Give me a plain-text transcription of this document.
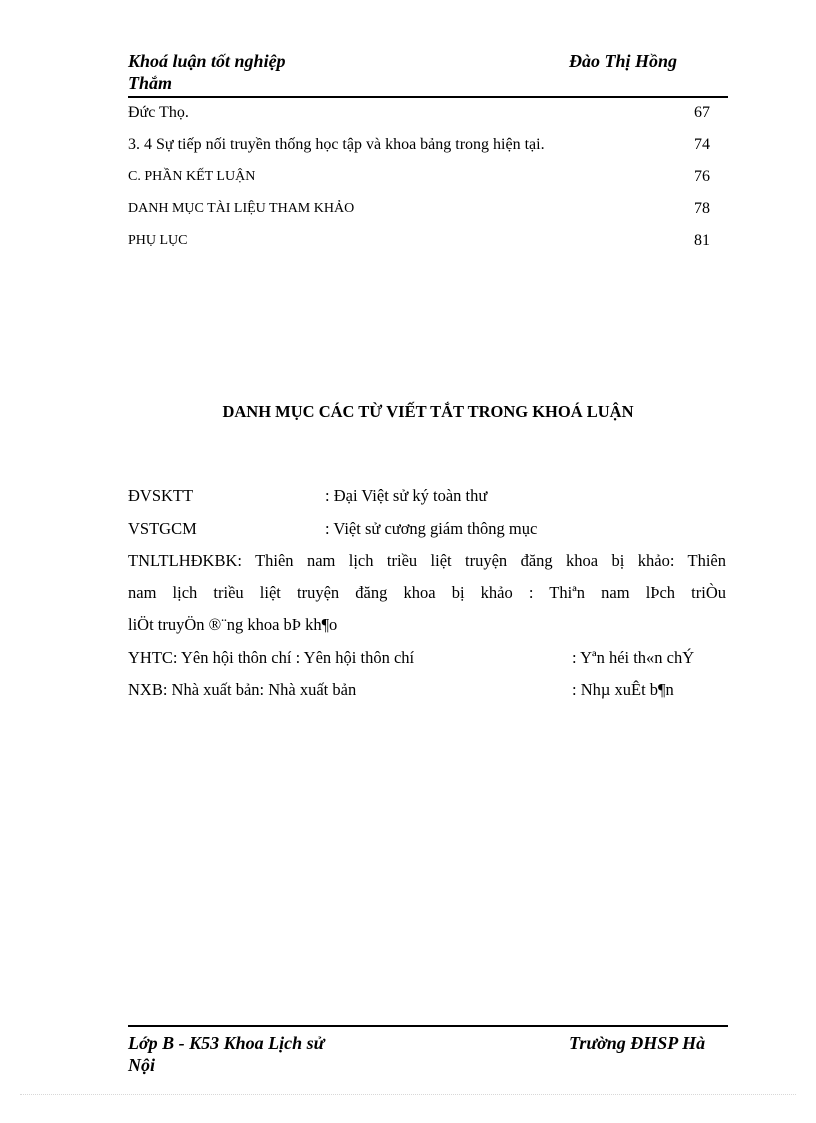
Khoá luận tốt nghiệp
Thắm
Đào Thị Hồng
Đức Thọ.	67
3. 4 Sự tiếp nối truyền thống học tập và khoa bảng trong hiện tại.	74
C. PHẦN KẾT LUẬN	76
DANH MỤC TÀI LIỆU THAM KHẢO	78
PHỤ LỤC	81
DANH MỤC CÁC TỪ VIẾT TẮT TRONG KHOÁ LUẬN
ĐVSKTT	: Đại Việt sử ký toàn thư
VSTGCM	: Việt sử cương giám thông mục
TNLTLHĐKBK: Thiên nam lịch triều liệt truyện đăng khoa bị khảo: Thiên
nam lịch triều liệt truyện đăng khoa bị khảo : Thiªn nam lÞch triÒu
liÖt truyÖn ®¨ng khoa bÞ kh¶o
YHTC: Yên hội thôn chí : Yên hội thôn chí	: Yªn héi th«n chÝ
NXB: Nhà xuất bản: Nhà xuất bản	: Nhµ xuÊt b¶n
Lớp B - K53 Khoa Lịch sử
Nội
Trường ĐHSP Hà
